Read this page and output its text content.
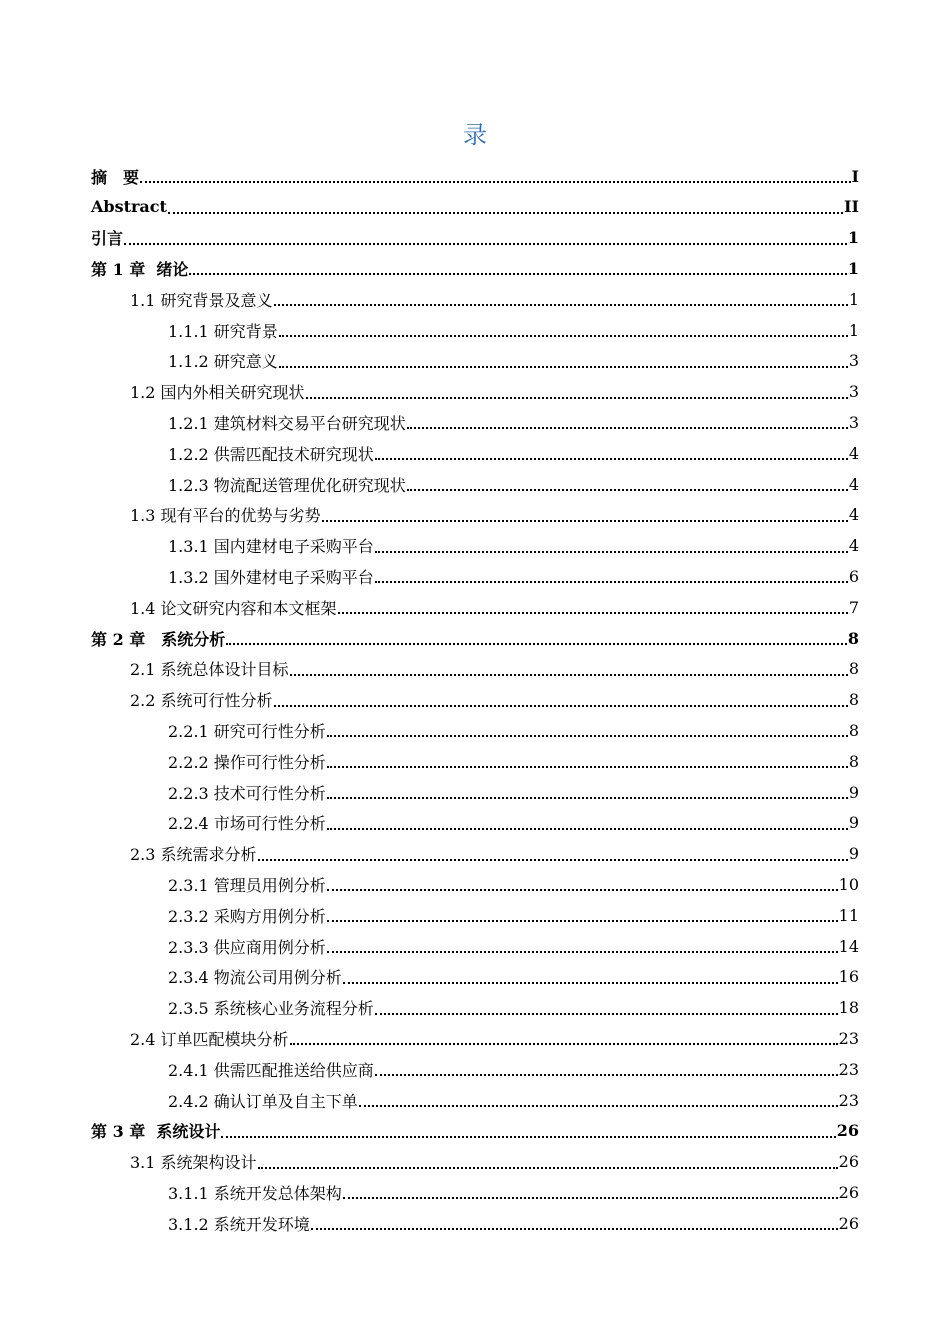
录
摘　要	I
Abstract	II
引言	1
第 1 章  绪论	1
1.1 研究背景及意义	1
1.1.1 研究背景	1
1.1.2 研究意义	3
1.2 国内外相关研究现状	3
1.2.1 建筑材料交易平台研究现状	3
1.2.2 供需匹配技术研究现状	4
1.2.3 物流配送管理优化研究现状	4
1.3 现有平台的优势与劣势	4
1.3.1 国内建材电子采购平台	4
1.3.2 国外建材电子采购平台	6
1.4 论文研究内容和本文框架	7
第 2 章　系统分析	8
2.1 系统总体设计目标	8
2.2 系统可行性分析	8
2.2.1 研究可行性分析	8
2.2.2 操作可行性分析	8
2.2.3 技术可行性分析	9
2.2.4 市场可行性分析	9
2.3 系统需求分析	9
2.3.1 管理员用例分析	10
2.3.2 采购方用例分析	11
2.3.3 供应商用例分析	14
2.3.4 物流公司用例分析	16
2.3.5 系统核心业务流程分析	18
2.4 订单匹配模块分析	23
2.4.1 供需匹配推送给供应商	23
2.4.2 确认订单及自主下单	23
第 3 章  系统设计	26
3.1 系统架构设计	26
3.1.1 系统开发总体架构	26
3.1.2 系统开发环境	26
